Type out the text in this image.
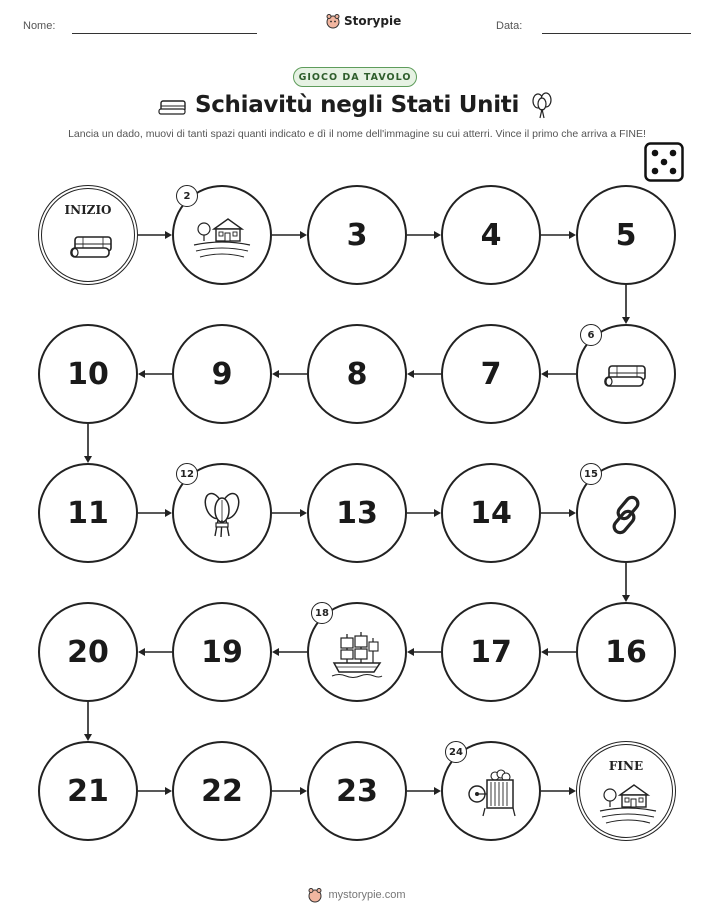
Nome:	Storypie	Data:
GIOCO DA TAVOLO
Schiavitù negli Stati Uniti
Lancia un dado, muovi di tanti spazi quanti indicato e dì il nome dell'immagine su cui atterri. Vince il primo che arriva a FINE!
INIZIO
2
3	4	5
6
7
8
9
10
11
12
13	14
15
16
17
18
19
20
21	22	23
24
FINE
mystorypie.com
